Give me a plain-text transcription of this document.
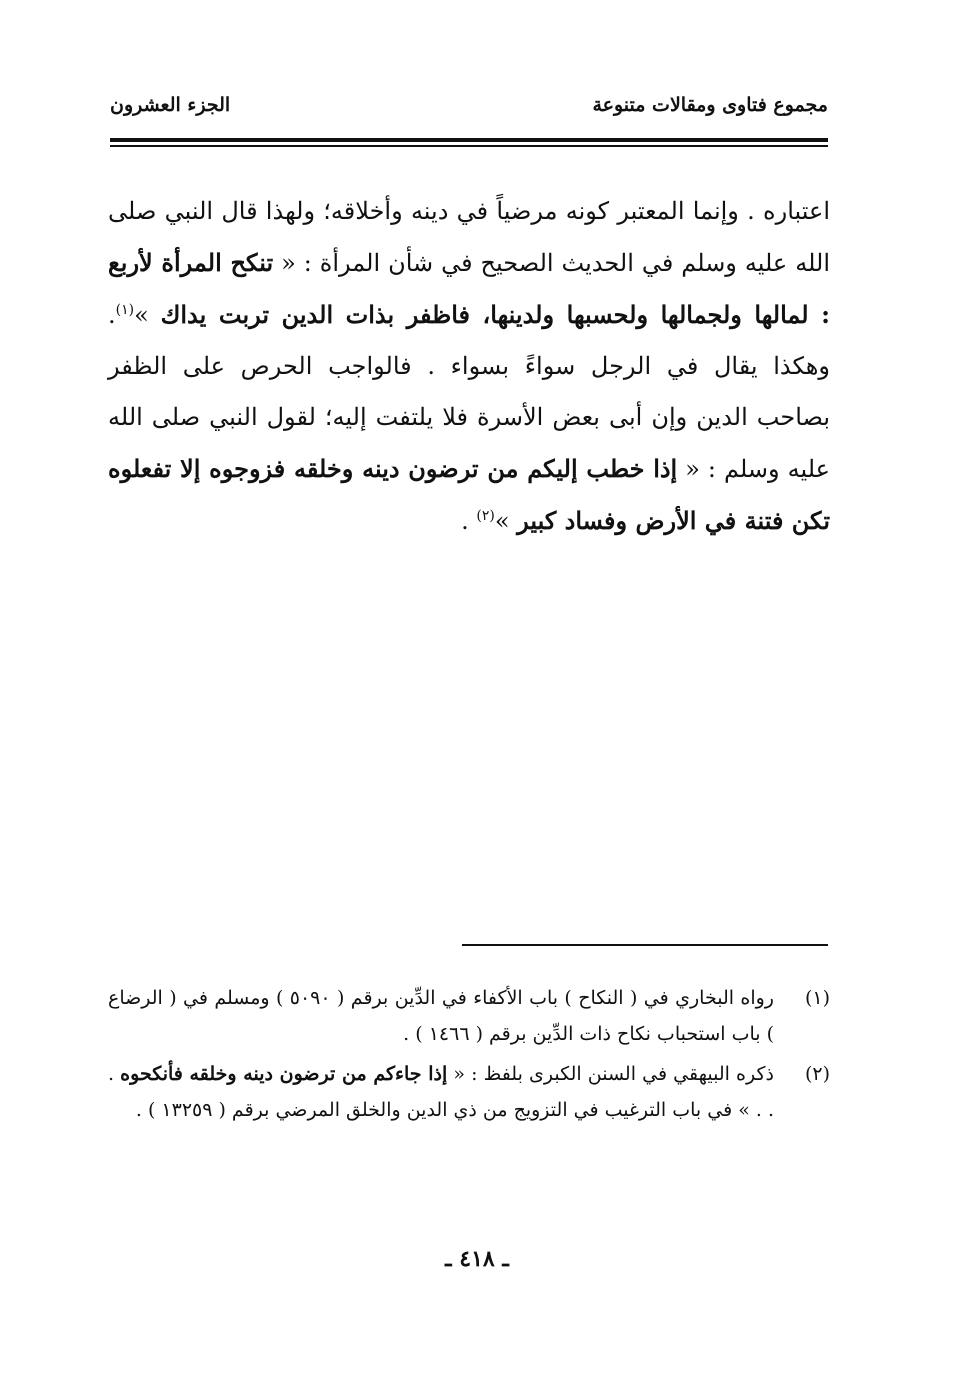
مجموع فتاوى ومقالات متنوعة
الجزء العشرون
اعتباره . وإنما المعتبر كونه مرضياً في دينه وأخلاقه؛ ولهذا قال النبي صلى الله عليه وسلم في الحديث الصحيح في شأن المرأة : « تنكح المرأة لأربع : لمالها ولجمالها ولحسبها ولدينها، فاظفر بذات الدين تربت يداك »$^{(١)}$. وهكذا يقال في الرجل سواءً بسواء . فالواجب الحرص على الظفر بصاحب الدين وإن أبى بعض الأسرة فلا يلتفت إليه؛ لقول النبي صلى الله عليه وسلم : « إذا خطب إليكم من ترضون دينه وخلقه فزوجوه إلا تفعلوه تكن فتنة في الأرض وفساد كبير »$^{(٢)}$ .
(١)
رواه البخاري في ( النكاح ) باب الأكفاء في الدِّين برقم ( ٥٠٩٠ ) ومسلم في ( الرضاع ) باب استحباب نكاح ذات الدِّين برقم ( ١٤٦٦ ) .
(٢)
ذكره البيهقي في السنن الكبرى بلفظ : « إذا جاءكم من ترضون دينه وخلقه فأنكحوه . . . » في باب الترغيب في التزويج من ذي الدين والخلق المرضي برقم ( ١٣٢٥٩ ) .
ـ ٤١٨ ـ
